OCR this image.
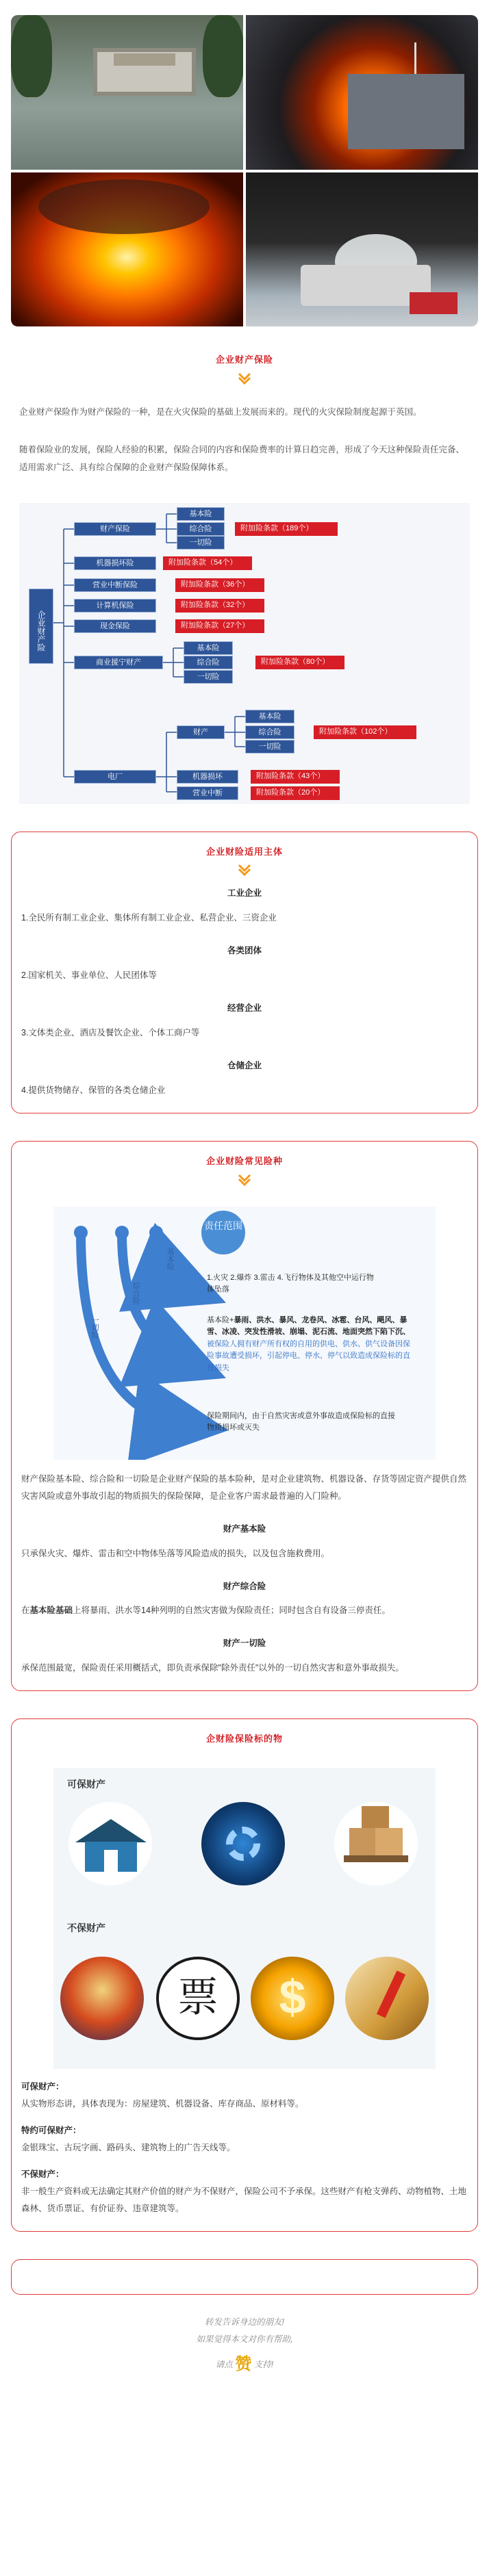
企业财产保险

企业财产保险作为财产保险的一种，是在火灾保险的基础上发展而来的。现代的火灾保险制度起源于英国。

随着保险业的发展，保险人经验的积累，保险合同的内容和保险费率的计算日趋完善，形成了今天这种保险责任完备、适用需求广泛、具有综合保障的企业财产保险保障体系。

企业财产险
财产保险
基本险
综合险
一切险
附加险条款（189个）
机器损坏险	附加险条款（54个）
营业中断保险	附加险条款（36个）
计算机保险	附加险条款（32个）
现金保险	附加险条款（27个）
商业援宁财产
基本险
综合险
一切险
附加险条款（80个）
电厂
财产
基本险
综合险
一切险
附加险条款（102个）
机器损坏	附加险条款（43个）
营业中断	附加险条款（20个）
企业财险适用主体
工业企业

1.全民所有制工业企业、集体所有制工业企业、私营企业、三资企业

各类团体

2.国家机关、事业单位、人民团体等

经营企业

3.文体类企业、酒店及餐饮企业、个体工商户等

仓储企业

4.提供货物储存、保管的各类仓储企业

企业财险常见险种
责任范围
基本险
综合险
一切险
1.火灾 2.爆炸 3.雷击 4.飞行物体及其他空中运行物体坠落
基本险+暴雨、洪水、暴风、龙卷风、冰雹、台风、飓风、暴雪、冰凌、突发性滑坡、崩塌、泥石流、地面突然下陷下沉、被保险人拥有财产所有权的自用的供电、供水、供气设备因保险事故遭受损坏，引起停电、停水、停气以致造成保险标的直接损失
保险期间内，由于自然灾害或意外事故造成保险标的直接物质损坏或灭失

财产保险基本险、综合险和一切险是企业财产保险的基本险种，是对企业建筑物、机器设备、存货等固定资产提供自然灾害风险或意外事故引起的物质损失的保险保障，是企业客户需求最普遍的入门险种。

财产基本险

只承保火灾、爆炸、雷击和空中物体坠落等风险造成的损失，以及包含施救费用。

财产综合险

在基本险基础上将暴雨、洪水等14种列明的自然灾害做为保险责任；同时包含自有设备三停责任。

财产一切险

承保范围最宽，保险责任采用概括式，即负责承保除"除外责任"以外的一切自然灾害和意外事故损失。

企财险保险标的物
可保财产
不保财产
票	$

可保财产：
从实物形态讲，具体表现为：房屋建筑、机器设备、库存商品、原材料等。

特约可保财产：
金银珠宝、古玩字画、路码头、建筑物上的广告天线等。

不保财产：
非一般生产资料或无法确定其财产价值的财产为不保财产，保险公司不予承保。这些财产有枪支弹药、动物植物、土地森林、货币票证、有价证券、违章建筑等。

转发告诉身边的朋友!
如果觉得本文对你有帮助,
请点 赞 支持!
